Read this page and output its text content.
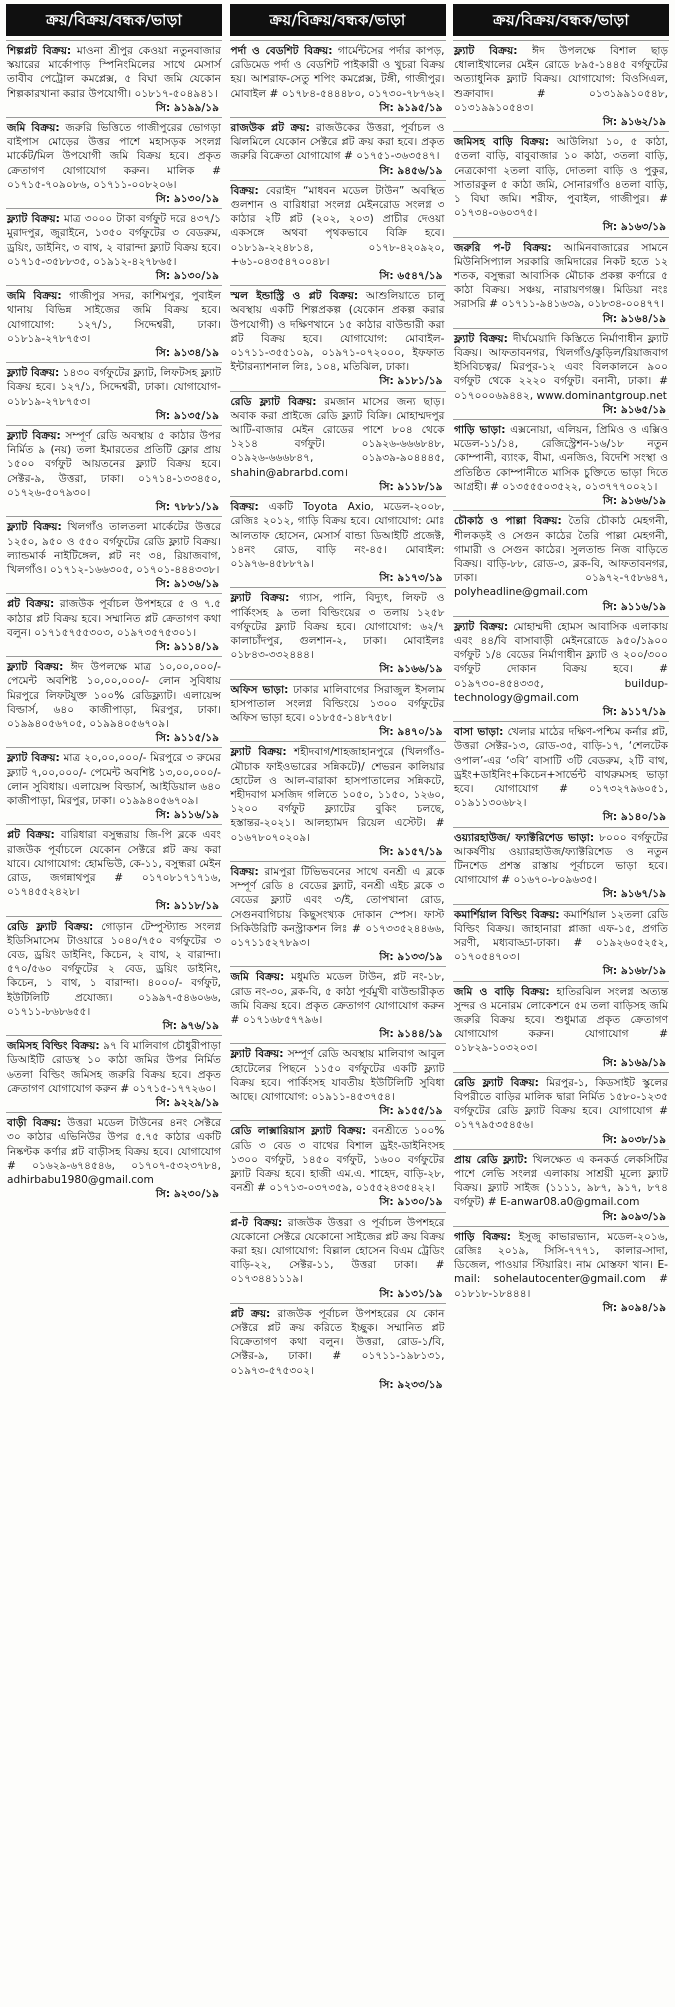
ক্রয়/বিক্রয়/বন্ধক/ভাড়া
শিল্পপ্লট বিক্রয়: মাওনা শ্রীপুর কেওয়া নতুনবাজার স্কয়ারের মার্কোপাড় স্পিনিংমিলের সাথে মেসার্স তাবীব পেট্রোল কমপ্লেক্স, ৫ বিঘা জমি যেকোন শিল্পকারখানা করার উপযোগী। ০১৮১৭-৫০৪৯৪১।
সি: ৯১৯৯/১৯
জমি বিক্রয়: জরুরি ভিত্তিতে গাজীপুরের ভোগড়া বাইপাস মোড়ের উত্তর পাশে মহাসড়ক সংলগ্ন মার্কেট/মিল উপযোগী জমি বিক্রয় হবে। প্রকৃত ক্রেতাগণ যোগাযোগ করুন। মালিক # ০১৭১৫-৭০৯০৮৬, ০১৭১১-০০৮২০৬।
সি: ৯১৩০/১৯
ফ্ল্যাট বিক্রয়: মাত্র ৩০০০ টাকা বর্গফুট দরে ৪৩৭/১ মুরাদপুর, জুরাইনে, ১৩৫০ বর্গফুটের ৩ বেডরুম, ড্রয়িং, ডাইনিং, ৩ বাথ, ২ বারান্দা ফ্ল্যাট বিক্রয় হবে। ০১৭১৫-৩৫৮৮৩৫, ০১৯১২-৪২৭৮৬৫।
সি: ৯১৩০/১৯
জমি বিক্রয়: গাজীপুর সদর, কাশিমপুর, পুবাইল থানায় বিভিন্ন সাইজের জমি বিক্রয় হবে। যোগাযোগ: ১২৭/১, সিদ্দেশ্বরী, ঢাকা। ০১৮১৯-২৭৮৭৫৩।
সি: ৯১৩৪/১৯
ফ্ল্যাট বিক্রয়: ১৪৩০ বর্গফুটের ফ্ল্যাট, লিফটসহ ফ্ল্যাট বিক্রয় হবে। ১২৭/১, সিদ্দেশ্বরী, ঢাকা। যোগাযোগ- ০১৮১৯-২৭৮৭৫৩।
সি: ৯১৩৫/১৯
ফ্ল্যাট বিক্রয়: সম্পূর্ণ রেডি অবস্থায় ৫ কাঠার উপর নির্মিত ৯ (নয়) তলা ইমারতের প্রতিটি ফ্লোর প্রায় ১৫০০ বর্গফুট আয়তনের ফ্ল্যাট বিক্রয় হবে। সেক্টর-৯, উত্তরা, ঢাকা। ০১৭১৪-১৩৩৪৫০, ০১৭২৬-৫০৭৯৩০।
সি: ৭৮৮১/১৯
ফ্ল্যাট বিক্রয়: খিলগাঁও তালতলা মার্কেটের উত্তরে ১২৫০, ৯৫০ ও ৫৫০ বর্গফুটের রেডি ফ্ল্যাট বিক্রয়। ল্যান্ডমার্ক নাইটিঙ্গেল, প্লট নং ৩৪, রিয়াজবাগ, খিলগাঁও। ০১৭১২-১৬৬৩০৫, ০১৭০১-৪৪৪৩৩৮।
সি: ৯১৩৬/১৯
প্লট বিক্রয়: রাজউক পূর্বাচল উপশহরে ৫ ও ৭.৫ কাঠার প্লট বিক্রয় হবে। সম্মানিত প্লট ক্রেতাগণ কথা বলুন। ০১৭১৫৭৫৫৩০৩, ০১৯৭৩৫৭৫৩০১।
সি: ৯১১৪/১৯
ফ্ল্যাট বিক্রয়: ঈদ উপলক্ষে মাত্র ১০,০০,০০০/- পেমেন্ট অবশিষ্ট ১০,০০,০০০/- লোন সুবিধায় মিরপুরে লিফটযুক্ত ১০০% রেডিফ্ল্যাট। এলায়েন্স বিল্ডার্স, ৬৪০ কাজীপাড়া, মিরপুর, ঢাকা। ০১৯৯৪০৫৬৭০৫, ০১৯৯৪০৫৬৭০৯।
সি: ৯১১৫/১৯
ফ্ল্যাট বিক্রয়: মাত্র ২০,০০,০০০/- মিরপুরে ৩ রুমের ফ্ল্যাট ৭,০০,০০০/- পেমেন্ট অবশিষ্ট ১৩,০০,০০০/- লোন সুবিধায়। এলায়েন্স বিল্ডার্স, আইডিয়াল ৬৪০ কাজীপাড়া, মিরপুর, ঢাকা। ০১৯৯৪০৫৬৭০৯।
সি: ৯১১৬/১৯
প্লট বিক্রয়: বারিধারা বসুন্ধরায় জি-পি ব্লকে এবং রাজউক পূর্বাচলে যেকোন সেক্টরে প্লট ক্রয় করা যাবে। যোগাযোগ: হোমভিউ, কে-১১, বসুন্ধরা মেইন রোড, জগন্নাথপুর # ০১৭০৮১৭১৭১৬, ০১৭৪৫৫২৪২৮।
সি: ৯১১৮/১৯
রেডি ফ্ল্যাট বিক্রয়: গোড়ান টেম্পুস্ট্যান্ড সংলগ্ন ইডিসিমাসেম টাওয়ারে ১০৪০/৭৫০ বর্গফুটের ৩ বেড, ড্রয়িং ডাইনিং, কিচেন, ২ বাথ, ২ বারান্দা। ৫৭০/৫৬০ বর্গফুটের ২ বেড, ড্রয়িং ডাইনিং, কিচেন, ১ বাথ, ১ বারান্দা। ৪০০০/- বর্গফুট, ইউটিলিটি প্রযোজ্য। ০১৯৯৭-৫৪৬০৬৬, ০১৭১১-৮৬৮৬৫৫।
সি: ৯৭৬/১৯
জমিসহ বিল্ডিং বিক্রয়: ৯৭ বি মালিবাগ চৌধুরীপাড়া ডিআইটি রোডস্থ ১০ কাঠা জমির উপর নির্মিত ৬তলা বিল্ডিং জমিসহ জরুরি বিক্রয় হবে। প্রকৃত ক্রেতাগণ যোগাযোগ করুন # ০১৭১৫-১৭৭২৬০।
সি: ৯২২৯/১৯
বাড়ী বিক্রয়: উত্তরা মডেল টাউনের ৪নং সেক্টরে ৩০ কাঠার এভিনিউর উপর ৫.৭৫ কাঠার একটি নিষ্কণ্টক কর্ণার প্লট বাড়ীসহ বিক্রয় হবে। যোগাযোগ # ০১৬২৯-৬৭৪৫৪৬, ০১৭০৭-৫৩২৩৭৮৪, adhirbabu1980@gmail.com
সি: ৯২৩০/১৯
ক্রয়/বিক্রয়/বন্ধক/ভাড়া
পর্দা ও বেডশিট বিক্রয়: গার্মেন্টসের পর্দার কাপড়, রেডিমেড পর্দা ও বেডশিট পাইকারী ও খুচরা বিক্রয় হয়। আশরাফ-সেতু শপিং কমপ্লেক্স, টঙ্গী, গাজীপুর। মোবাইল # ০১৭৮৪-৫৪৪৪৮০, ০১৭৩০-৭৮৭৬২।
সি: ৯১৯৫/১৯
রাজউক প্লট ক্রয়: রাজউকের উত্তরা, পূর্বাচল ও ঝিলমিলে যেকোন সেক্টরে প্লট ক্রয় করা হবে। প্রকৃত জরুরি বিক্রেতা যোগাযোগ # ০১৭৫১-৩৬৩৫৪৭।
সি: ৯৪৫৬/১৯
বিক্রয়: বেরাইদ “মাধবন মডেল টাউন” অবস্থিত গুলশান ও বারিধারা সংলগ্ন মেইনরোড সংলগ্ন ৩ কাঠার ২টি প্লট (২০২, ২০৩) প্রাচীর দেওয়া একসঙ্গে অথবা পৃথকভাবে বিক্রি হবে। ০১৮১৯-২২৪৮১৪, ০১৭৮-৪২০৯২০, +৬১-০৪৩৫৪৭০০৪৮।
সি: ৬৫৪৭/১৯
স্মল ইন্ডাস্ট্রি ও প্লট বিক্রয়: আশুলিয়াতে চালু অবস্থায় একটি শিল্পপ্রকল্প (যেকোন প্রকল্প করার উপযোগী) ও দক্ষিণখানে ১৫ কাঠার বাউন্ডারী করা প্লট বিক্রয় হবে। যোগাযোগ: মোবাইল- ০১৭১১-৩৫৫১০৯, ০১৯৭১-০৭২০০০, ইফফাত ইন্টারন্যাশনাল লিঃ, ১০৪, মতিঝিল, ঢাকা।
সি: ৯১৮১/১৯
রেডি ফ্ল্যাট বিক্রয়: রমজান মাসের জন্য ছাড়। অবাক করা প্রাইজে রেডি ফ্ল্যাট বিক্রি। মোহাম্মদপুর আটি-বাজার মেইন রোডের পাশে ৮০৪ থেকে ১২১৪ বর্গফুট। ০১৯২৬-৬৬৬৮৪৮, ০১৯২৬-৬৬৬৮৪৭, ০১৯৩৯-৯০৪৪৪৫, shahin@abrarbd.com।
সি: ৯১১৮/১৯
বিক্রয়: একটি Toyota Axio, মডেল-২০০৮, রেজিঃ ২০১২, গাড়ি বিক্রয় হবে। যোগাযোগ: মোঃ আলতাফ হোসেন, মেসার্স বান্ডা ডিআইটি প্রজেক্ট, ১৪নং রোড, বাড়ি নং-৪৫। মোবাইল: ০১৯৭৬-৪৫৮৮৭৯।
সি: ৯১৭৩/১৯
ফ্ল্যাট বিক্রয়: গ্যাস, পানি, বিদ্যুৎ, লিফট ও পার্কিংসহ ৯ তলা বিল্ডিংয়ের ৩ তলায় ১২৫৮ বর্গফুটের ফ্ল্যাট বিক্রয় হবে। যোগাযোগ: ৬২/৭ কালাচাঁদপুর, গুলশান-২, ঢাকা। মোবাইলঃ ০১৮৪৩-৩৩২৪৪৪।
সি: ৯১৬৬/১৯
অফিস ভাড়া: ঢাকার মালিবাগের সিরাজুল ইসলাম হাসপাতাল সংলগ্ন বিল্ডিংয়ে ১৩০০ বর্গফুটের অফিস ভাড়া হবে। ০১৮৫৫-১৪৮৭৫৮।
সি: ৯৪৭০/১৯
ফ্ল্যাট বিক্রয়: শহীদবাগ/শাহজাহানপুরে (খিলগাঁও-মৌচাক ফাইওভারের সন্নিকটে)/ শেভরন কালিয়ার হোটেল ও আল-বারাকা হাসপাতালের সন্নিকটে, শহীদবাগ মসজিদ গলিতে ১০৫০, ১১৫০, ১২৬০, ১২০০ বর্গফুট ফ্ল্যাটের বুকিং চলছে, হস্তান্তর-২০২১। আলহ্যামদ রিয়েল এস্টেট। # ০১৬৭৮০৭০২০৯।
সি: ৯১৫৭/১৯
বিক্রয়: রামপুরা টিভিভবনের সাথে বনশ্রী এ ব্লকে সম্পূর্ণ রেডি ৪ বেডের ফ্ল্যাট, বনশ্রী এইচ ব্লকে ৩ বেডের ফ্ল্যাট এবং ৩/ই, তোপখানা রোড, সেগুনবাগিচায় কিছুসংখ্যক দোকান স্পেস। ফাস্ট সিকিউরিটি কনস্ট্রাকশন লিঃ # ০১৭৩৩৫২৪৪৬৬, ০১৭১১৫২৭৮৯৩।
সি: ৯১৩৩/১৯
জমি বিক্রয়: মধুমতি মডেল টাউন, প্লট নং-১৮, রোড নং-৩০, ব্লক-বি, ৫ কাঠা পূর্বমুখী বাউন্ডারীকৃত জমি বিক্রয় হবে। প্রকৃত ক্রেতাগণ যোগাযোগ করুন # ০১৭১৬৮৫৭৭৯৬।
সি: ৯১৪৪/১৯
ফ্ল্যাট বিক্রয়: সম্পূর্ণ রেডি অবস্থায় মালিবাগ আবুল হোটেলের পিছনে ১১৫০ বর্গফুটের একটি ফ্ল্যাট বিক্রয় হবে। পার্কিংসহ যাবতীয় ইউটিলিটি সুবিধা আছে। যোগাযোগ: ০১৯১১-৪৫৩৭৫৪।
সি: ৯১৫৫/১৯
রেডি লাক্সারিয়াস ফ্ল্যাট বিক্রয়: বনশ্রীতে ১০০% রেডি ৩ বেড ৩ বাথের বিশাল ড্রইং-ডাইনিংসহ ১৩০০ বর্গফুট, ১৪৫০ বর্গফুট, ১৬০০ বর্গফুটের ফ্ল্যাট বিক্রয় হবে। হাজী এম.এ. শাহেদ, বাড়ি-২৮, বনশ্রী # ০১৭১৩-০৩৭৩৫৯, ০১৫৫২৪৩৫৪২২।
সি: ৯১৩০/১৯
প্ল-ট বিক্রয়: রাজউক উত্তরা ও পূর্বাচল উপশহরে যেকোনো সেক্টরে যেকোনো সাইজের প্লট ক্রয় বিক্রয় করা হয়। যোগাযোগ: বিল্লাল হোসেন বিএম ট্রেডিং বাড়ি-২২, সেক্টর-১১, উত্তরা ঢাকা। # ০১৭৩৪৪১১১৯।
সি: ৯১৩১/১৯
প্লট ক্রয়: রাজউক পূর্বাচল উপশহরের যে কোন সেক্টরে প্লট ক্রয় করিতে ইচ্ছুক। সম্মানিত প্লট বিক্রেতাগণ কথা বলুন। উত্তরা, রোড-১/বি, সেক্টর-৯, ঢাকা। # ০১৭১১-১৯৮১৩১, ০১৯৭৩-৫৭৫৩০২।
সি: ৯২৩৩/১৯
ক্রয়/বিক্রয়/বন্ধক/ভাড়া
ফ্ল্যাট বিক্রয়: ঈদ উপলক্ষে বিশাল ছাড় ধোলাইখালের মেইন রোডে ৮৯৫-১৪৪৫ বর্গফুটের অত্যাধুনিক ফ্ল্যাট বিক্রয়। যোগাযোগ: বিওসিএল, শুক্রাবাদ। # ০১৩১৯৯১০৫৪৮, ০১৩১৯৯১০৫৪৩।
সি: ৯১৬২/১৯
জমিসহ বাড়ি বিক্রয়: আউলিয়া ১০, ৫ কাঠা, ৫তলা বাড়ি, বাবুবাজার ১০ কাঠা, ৩তলা বাড়ি, নেত্রকোণা ২তলা বাড়ি, দোতলা বাড়ি ও পুকুর, সাতারকুল ৫ কাঠা জমি, সোনারগাঁও ৪তলা বাড়ি, ১ বিঘা জমি। শরীফ, পুবাইল, গাজীপুর। # ০১৭৩৪-০৬০৩৭৫।
সি: ৯১৬৩/১৯
জরুরি প-ট বিক্রয়: আমিনবাজারের সামনে মিউনিসিপ্যাল সরকারি জমিদারের নিকট হতে ১২ শতক, বসুন্ধরা আবাসিক মৌচাক প্রকল্প কর্ণারে ৫ কাঠা বিক্রয়। সঞ্চয়, নারায়ণগঞ্জ। মিডিয়া নংঃ সরাসরি # ০১৭১১-৯৪১৬৩৯, ০১৮৩৪-০০৪৭৭।
সি: ৯১৬৪/১৯
ফ্ল্যাট বিক্রয়: দীর্ঘমেয়াদি কিস্তিতে নির্মাণাধীন ফ্ল্যাট বিক্রয়। আফতাবনগর, খিলগাঁও/কুড়িল/রিয়াজবাগ ইসিবিচত্বর/ মিরপুর-১২ এবং বিলকালনে ৯০০ বর্গফুট থেকে ২২২০ বর্গফুট। বনানী, ঢাকা। # ০১৭০০০৬৯৪৪২, www.dominantgroup.net
সি: ৯১৬৫/১৯
গাড়ি ভাড়া: এক্সনোয়া, এলিয়ন, প্রিমিও ও এক্সিও মডেল-১১/১৪, রেজিস্ট্রেশন-১৬/১৮ নতুন কোম্পানী, ব্যাংক, বীমা, এনজিও, বিদেশি সংস্থা ও প্রতিষ্ঠিত কোম্পানীতে মাসিক চুক্তিতে ভাড়া দিতে আগ্রহী। # ০১৩৫৫৫০৩৫২২, ০১৩৭৭৭০০২১।
সি: ৯১৬৬/১৯
চৌকাঠ ও পাল্লা বিক্রয়: তৈরি চৌকাঠ মেহগনী, শীলকড়ই ও সেগুন কাঠের তৈরি পাল্লা মেহগনী, গামারী ও সেগুন কাঠের। সুলতান্ড নিজ বাড়িতে বিক্রয়। বাড়ি-৮৮, রোড-৩, ব্লক-বি, আফতাবনগর, ঢাকা। ০১৯৭২-৭৫৮৬৪৭, polyheadline@gmail.com
সি: ৯১১৬/১৯
ফ্ল্যাট বিক্রয়: মোহাম্মদী হোমস আবাসিক এলাকায় এবং ৪৪/বি বাসাবাড়ী মেইনরোডে ৯৫০/১৯০০ বর্গফুট ১/৪ বেডের নির্মাণাধীন ফ্ল্যাট ও ২০০/৩০০ বর্গফুট দোকান বিক্রয় হবে। # ০১৯৭৩০-৪৫৪৩৩৫, buildup-technology@gmail.com
সি: ৯১১৭/১৯
বাসা ভাড়া: খেলার মাঠের দক্ষিণ-পশ্চিম কর্নার প্লট, উত্তরা সেক্টর-১৩, রোড-৩৫, বাড়ি-১৭, ‘শেলটেক ওপাল’-এর ‘৩বি’ বাসাটি ৩টি বেডরুম, ২টি বাথ, ড্রইং+ডাইনিং+কিচেন+সার্ভেন্ট বাথরুমসহ ভাড়া হবে। যোগাযোগ # ০১৭৩২৭৯৬০৫১, ০১৯১১৩০৬৮২।
সি: ৯১৪০/১৯
ওয়্যারহাউজ/ ফ্যাক্টরিশেড ভাড়া: ৮০০০ বর্গফুটের আকর্ষণীয় ওয়্যারহাউজ/ফ্যাক্টরিশেড ও নতুন টিনশেড প্রশস্ত রাস্তায় পূর্বাচলে ভাড়া হবে। যোগাযোগ # ০১৬৭০-৮০৯৬৩৫।
সি: ৯১৬৭/১৯
কমার্শিয়াল বিল্ডিং বিক্রয়: কমার্শিয়াল ১২তলা রেডি বিল্ডিং বিক্রয়। জাহানারা প্লাজা এফ-১৫, প্রগতি সরণী, মধ্যবাড্ডা-ঢাকা। # ০১৯২৬০৫২৫২, ০১৭০৫৪৭০৩।
সি: ৯১৬৮/১৯
জমি ও বাড়ি বিক্রয়: হাতিরঝিল সংলগ্ন অত্যন্ত সুন্দর ও মনোরম লোকেশনে ৫ম তলা বাড়িসহ জমি জরুরি বিক্রয় হবে। শুধুমাত্র প্রকৃত ক্রেতাগণ যোগাযোগ করুন। যোগাযোগ # ০১৮২৯-১০৩২০৩।
সি: ৯১৬৯/১৯
রেডি ফ্ল্যাট বিক্রয়: মিরপুর-১, কিডসাইট স্কুলের বিপরীতে বাড়ির মালিক দ্বারা নির্মিত ১৫৮০-১২৩৫ বর্গফুটের রেডি ফ্ল্যাট বিক্রয় হবে। যোগাযোগ # ০১৭৭৯৫৩৫৪৫৬।
সি: ৯০৩৮/১৯
প্রায় রেডি ফ্ল্যাট: খিলক্ষেত এ কনকর্ড লেকসিটির পাশে লেভি সংলগ্ন এলাকায় সাশ্রয়ী মূল্যে ফ্ল্যাট বিক্রয়। ফ্ল্যাট সাইজ (১১১১, ৯৮৭, ৯১৭, ৮৭৪ বর্গফুট) # E-anwar08.a0@gmail.com
সি: ৯০৯৩/১৯
গাড়ি বিক্রয়: ইসুজু কাভারভ্যান, মডেল-২০১৬, রেজিঃ ২০১৯, সিসি-৭৭৭১, কালার-সাদা, ডিজেল, পাওয়ার স্টিয়ারিং। নাম মোস্তফা খান। E-mail: sohelautocenter@gmail.com # ০১৮১৮-১৮৪৪৪।
সি: ৯০৯৪/১৯
